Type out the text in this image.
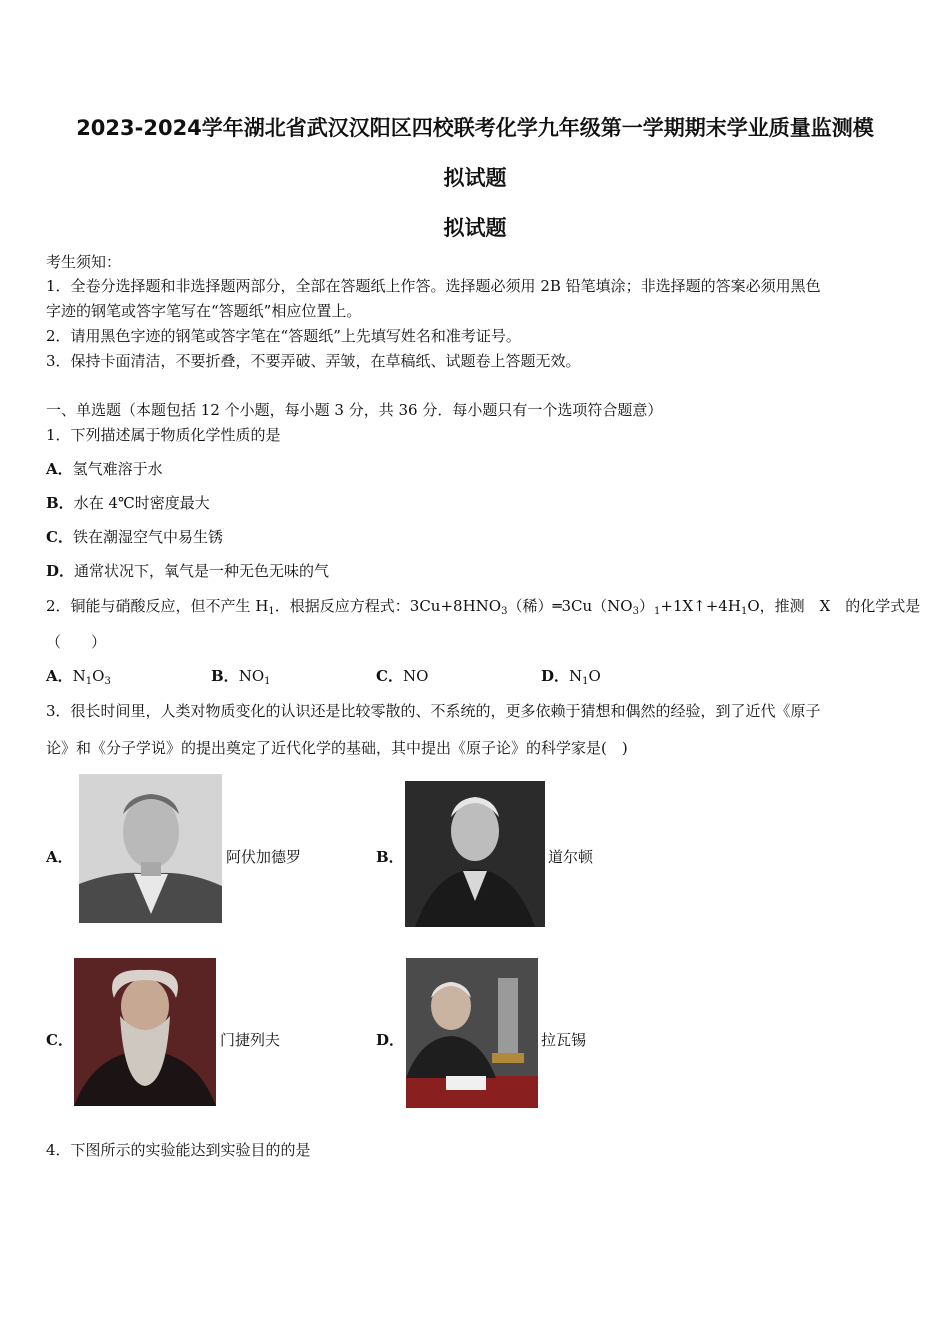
2023-2024学年湖北省武汉汉阳区四校联考化学九年级第一学期期末学业质量监测模
拟试题
拟试题
考生须知：
1．全卷分选择题和非选择题两部分，全部在答题纸上作答。选择题必须用 2B 铅笔填涂；非选择题的答案必须用黑色
字迹的钢笔或答字笔写在“答题纸”相应位置上。
2．请用黑色字迹的钢笔或答字笔在“答题纸”上先填写姓名和准考证号。
3．保持卡面清洁，不要折叠，不要弄破、弄皱，在草稿纸、试题卷上答题无效。
一、单选题（本题包括 12 个小题，每小题 3 分，共 36 分．每小题只有一个选项符合题意）
1．下列描述属于物质化学性质的是
A．氢气难溶于水
B．水在 4℃时密度最大
C．铁在潮湿空气中易生锈
D．通常状况下，氧气是一种无色无味的气
2．铜能与硝酸反应，但不产生 $H_1$．根据反应方程式：$3Cu+8HNO_3$（稀）$═3Cu(NO_3)_1+1X↑+4H_1O$，推测　X　的化学式是
（　　）
A．$N_1O_3$	B．$NO_1$	C．NO	D．$N_1O$
3．很长时间里，人类对物质变化的认识还是比较零散的、不系统的，更多依赖于猜想和偶然的经验，到了近代《原子
论》和《分子学说》的提出奠定了近代化学的基础，其中提出《原子论》的科学家是(　)
A．	阿伏加德罗	B．	道尔顿
C．	门捷列夫	D．	拉瓦锡
4．下图所示的实验能达到实验目的的是
